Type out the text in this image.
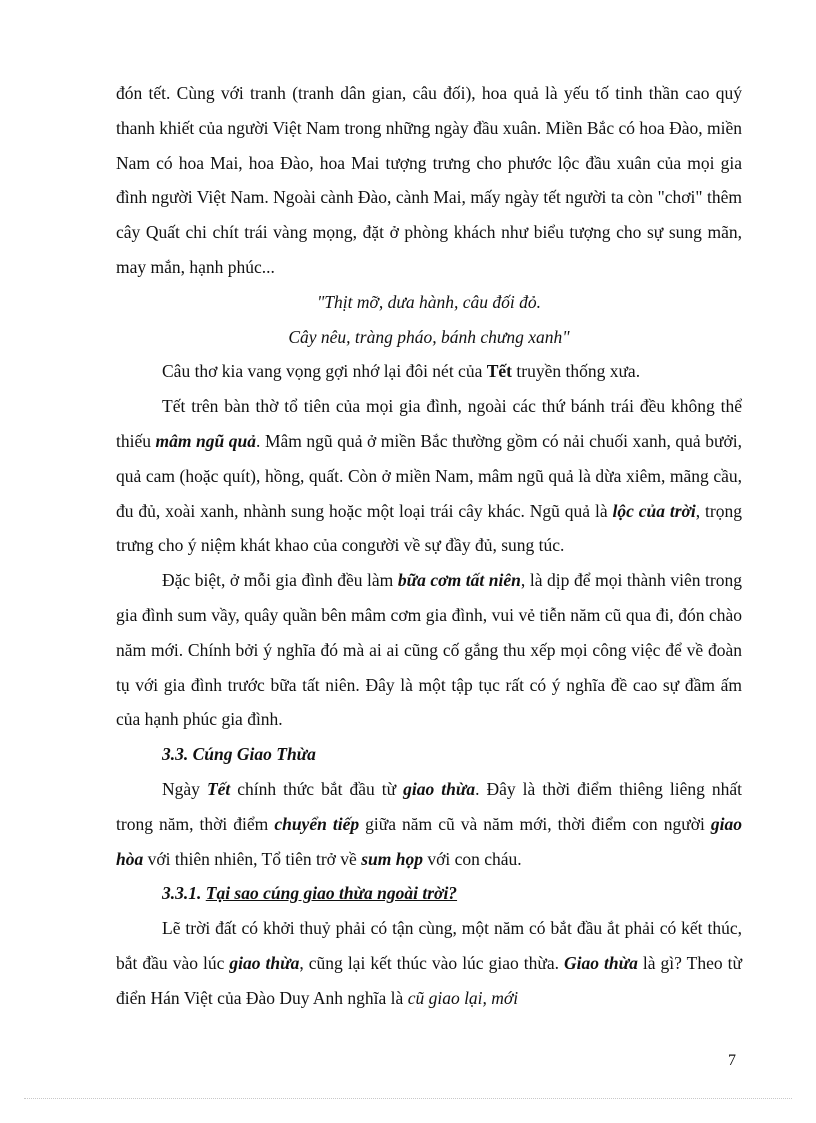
đón tết. Cùng với tranh (tranh dân gian, câu đối), hoa quả là yếu tố tinh thần cao quý thanh khiết của người Việt Nam trong những ngày đầu xuân. Miền Bắc có hoa Đào, miền Nam có hoa Mai, hoa Đào, hoa Mai tượng trưng cho phước lộc đầu xuân của mọi gia đình người Việt Nam. Ngoài cành Đào, cành Mai, mấy ngày tết người ta còn "chơi" thêm cây Quất chi chít trái vàng mọng, đặt ở phòng khách như biểu tượng cho sự sung mãn, may mắn, hạnh phúc...

"Thịt mỡ, dưa hành, câu đối đỏ.

Cây nêu, tràng pháo, bánh chưng xanh"

Câu thơ kia vang vọng gợi nhớ lại đôi nét của Tết truyền thống xưa.

Tết trên bàn thờ tổ tiên của mọi gia đình, ngoài các thứ bánh trái đều không thể thiếu mâm ngũ quả. Mâm ngũ quả ở miền Bắc thường gồm có nải chuối xanh, quả bưởi, quả cam (hoặc quít), hồng, quất. Còn ở miền Nam, mâm ngũ quả là dừa xiêm, mãng cầu, đu đủ, xoài xanh, nhành sung hoặc một loại trái cây khác. Ngũ quả là lộc của trời, trọng trưng cho ý niệm khát khao của congười về sự đầy đủ, sung túc.

Đặc biệt, ở mỗi gia đình đều làm bữa cơm tất niên, là dịp để mọi thành viên trong gia đình sum vầy, quây quần bên mâm cơm gia đình, vui vẻ tiễn năm cũ qua đi, đón chào năm mới. Chính bởi ý nghĩa đó mà ai ai cũng cố gắng thu xếp mọi công việc để về đoàn tụ với gia đình trước bữa tất niên. Đây là một tập tục rất có ý nghĩa đề cao sự đầm ấm của hạnh phúc gia đình.

3.3. Cúng Giao Thừa

Ngày Tết chính thức bắt đầu từ giao thừa. Đây là thời điểm thiêng liêng nhất trong năm, thời điểm chuyển tiếp giữa năm cũ và năm mới, thời điểm con người giao hòa với thiên nhiên, Tổ tiên trở về sum họp với con cháu.

3.3.1. Tại sao cúng giao thừa ngoài trời?

Lẽ trời đất có khởi thuỷ phải có tận cùng, một năm có bắt đầu ắt phải có kết thúc, bắt đầu vào lúc giao thừa, cũng lại kết thúc vào lúc giao thừa. Giao thừa là gì? Theo từ điển Hán Việt của Đào Duy Anh nghĩa là cũ giao lại, mới

7
